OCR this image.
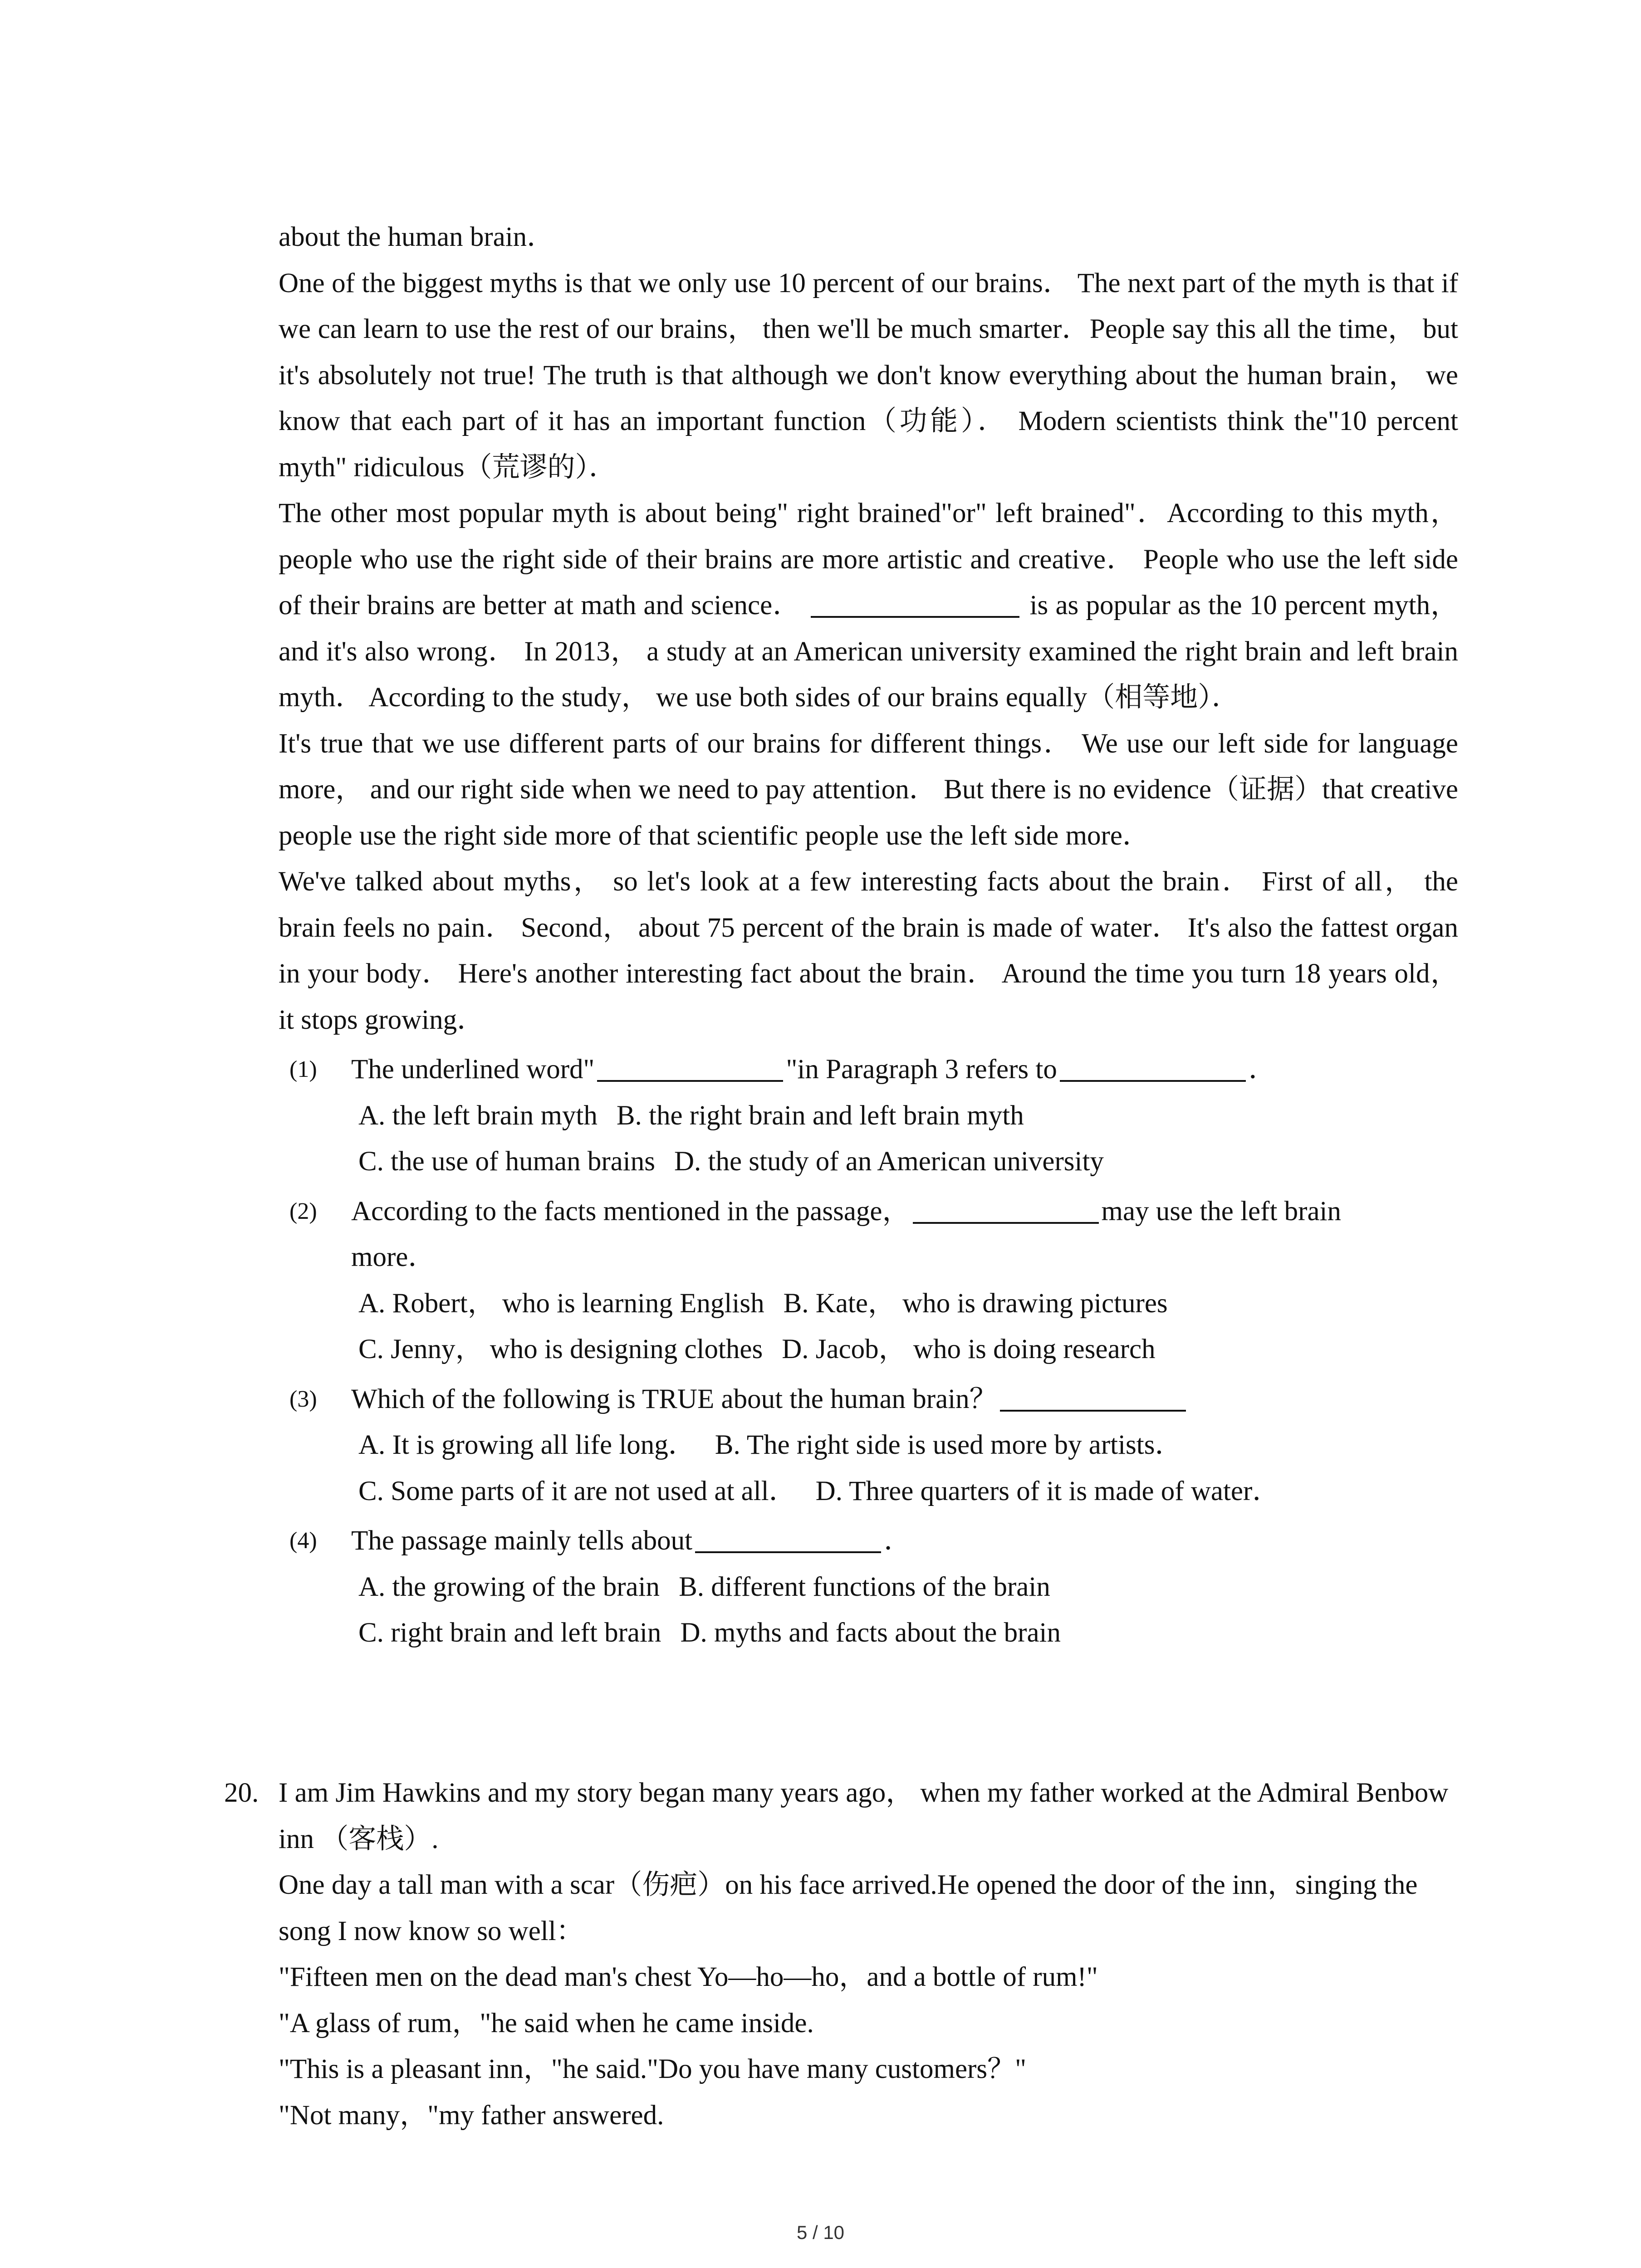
about the human brain．

One of the biggest myths is that we only use 10 percent of our brains． The next part of the myth is that if we can learn to use the rest of our brains， then we'll be much smarter．People say this all the time， but it's absolutely not true! The truth is that although we don't know everything about the human brain， we know that each part of it has an important function（功能）． Modern scientists think the"10 percent myth" ridiculous（荒谬的）．

The other most popular myth is about being" right brained"or" left brained"．According to this myth， people who use the right side of their brains are more artistic and creative． People who use the left side of their brains are better at math and science．	is as popular as the 10 percent myth， and it's also wrong． In 2013， a study at an American university examined the right brain and left brain myth． According to the study， we use both sides of our brains equally（相等地）．

It's true that we use different parts of our brains for different things． We use our left side for language more， and our right side when we need to pay attention． But there is no evidence（证据）that creative people use the right side more of that scientific people use the left side more．

We've talked about myths， so let's look at a few interesting facts about the brain． First of all， the brain feels no pain． Second， about 75 percent of the brain is made of water． It's also the fattest organ in your body． Here's another interesting fact about the brain． Around the time you turn 18 years old， it stops growing．

(1)	The underlined word"	"in Paragraph 3 refers to	．
A. the left brain myth B. the right brain and left brain myth
C. the use of human brains D. the study of an American university
(2)	According to the facts mentioned in the passage，	may use the left brain more．
A. Robert， who is learning English B. Kate， who is drawing pictures
C. Jenny， who is designing clothes D. Jacob， who is doing research
(3)	Which of the following is TRUE about the human brain？
A. It is growing all life long． B. The right side is used more by artists．
C. Some parts of it are not used at all． D. Three quarters of it is made of water．
(4)	The passage mainly tells about	．
A. the growing of the brain B. different functions of the brain
C. right brain and left brain D. myths and facts about the brain
20. I am Jim Hawkins and my story began many years ago， when my father worked at the Admiral Benbow inn （客栈）.

One day a tall man with a scar（伤疤）on his face arrived.He opened the door of the inn，singing the song I now know so well：

"Fifteen men on the dead man's chest Yo—ho—ho，and a bottle of rum!"

"A glass of rum，"he said when he came inside.

"This is a pleasant inn，"he said."Do you have many customers？"

"Not many，"my father answered.

5 / 10
